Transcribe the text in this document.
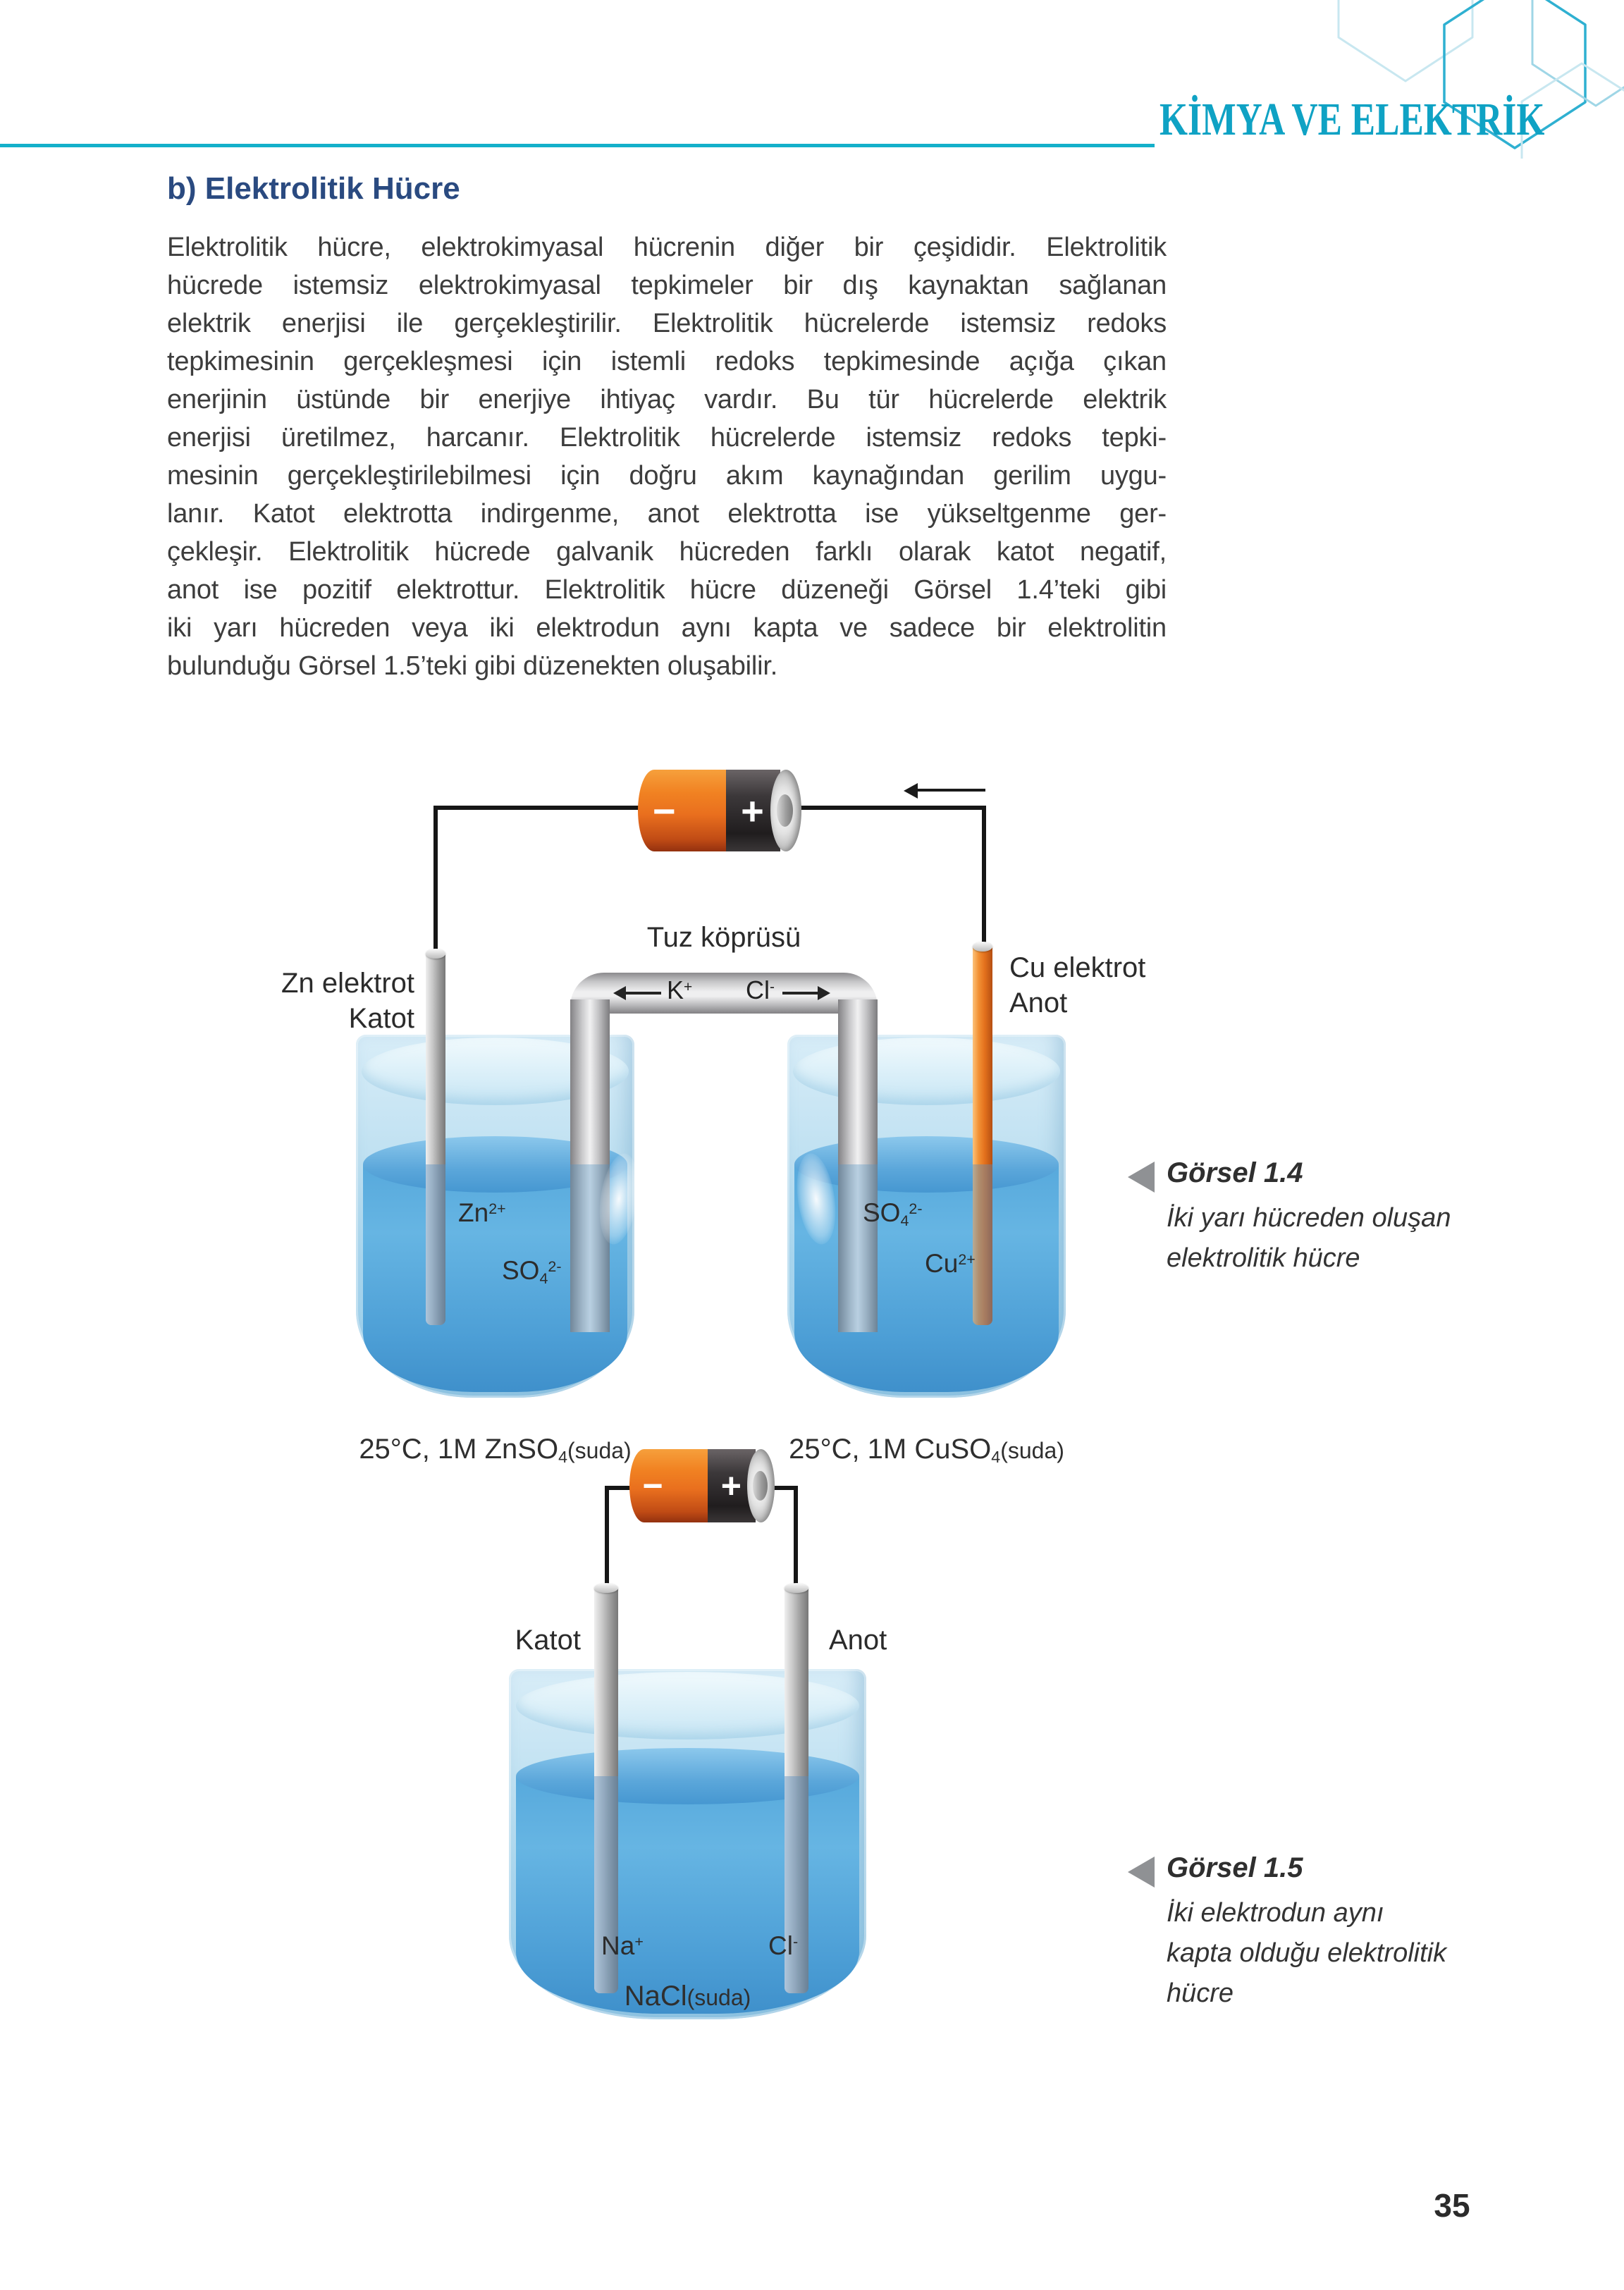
KİMYA VE ELEKTRİK
b) Elektrolitik Hücre
Elektrolitik hücre, elektrokimyasal hücrenin diğer bir çeşididir. Elektrolitik
hücrede istemsiz elektrokimyasal tepkimeler bir dış kaynaktan sağlanan
elektrik enerjisi ile gerçekleştirilir. Elektrolitik hücrelerde istemsiz redoks
tepkimesinin gerçekleşmesi için istemli redoks tepkimesinde açığa çıkan
enerjinin üstünde bir enerjiye ihtiyaç vardır. Bu tür hücrelerde elektrik
enerjisi üretilmez, harcanır. Elektrolitik hücrelerde istemsiz redoks tepki-
mesinin gerçekleştirilebilmesi için doğru akım kaynağından gerilim uygu-
lanır. Katot elektrotta indirgenme, anot elektrotta ise yükseltgenme ger-
çekleşir. Elektrolitik hücrede galvanik hücreden farklı olarak katot negatif,
anot ise pozitif elektrottur. Elektrolitik hücre düzeneği Görsel 1.4’teki gibi
iki yarı hücreden veya iki elektrodun aynı kapta ve sadece bir elektrolitin
bulunduğu Görsel 1.5’teki gibi düzenekten oluşabilir.
− +
K+ Cl-
Tuz köprüsü
Zn elektrot
Katot
Cu elektrot
Anot
$Zn^{2+}$
$SO4^{2-}$
$SO4^{2-}$
$Cu^{2+}$
25°C, 1M ZnSO4(suda)	25°C, 1M CuSO4(suda)
Görsel 1.4
İki yarı hücreden oluşan
elektrolitik hücre
− +
Katot	Anot
Na+	Cl-
NaCl(suda)
Görsel 1.5
İki elektrodun aynı
kapta olduğu elektrolitik
hücre
35
